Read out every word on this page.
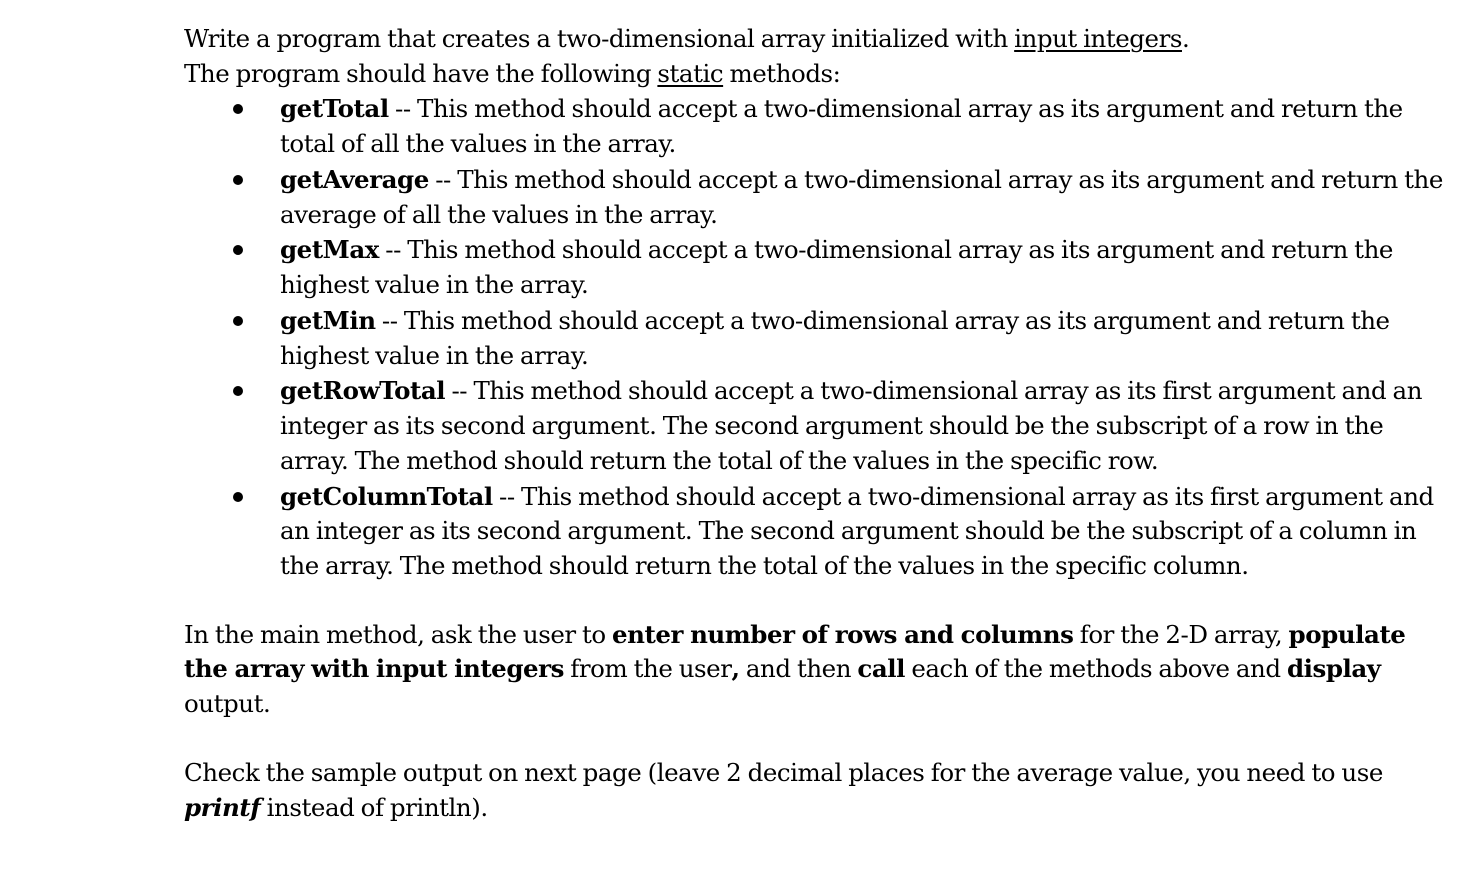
Write a program that creates a two-dimensional array initialized with input integers.

The program should have the following static methods:

getTotal -- This method should accept a two-dimensional array as its argument and return the total of all the values in the array.
getAverage -- This method should accept a two-dimensional array as its argument and return the average of all the values in the array.
getMax -- This method should accept a two-dimensional array as its argument and return the highest value in the array.
getMin -- This method should accept a two-dimensional array as its argument and return the highest value in the array.
getRowTotal -- This method should accept a two-dimensional array as its first argument and an integer as its second argument. The second argument should be the subscript of a row in the array. The method should return the total of the values in the specific row.
getColumnTotal -- This method should accept a two-dimensional array as its first argument and an integer as its second argument. The second argument should be the subscript of a column in the array. The method should return the total of the values in the specific column.

In the main method, ask the user to enter number of rows and columns for the 2-D array, populate the array with input integers from the user, and then call each of the methods above and display output.

Check the sample output on next page (leave 2 decimal places for the average value, you need to use printf instead of println).
